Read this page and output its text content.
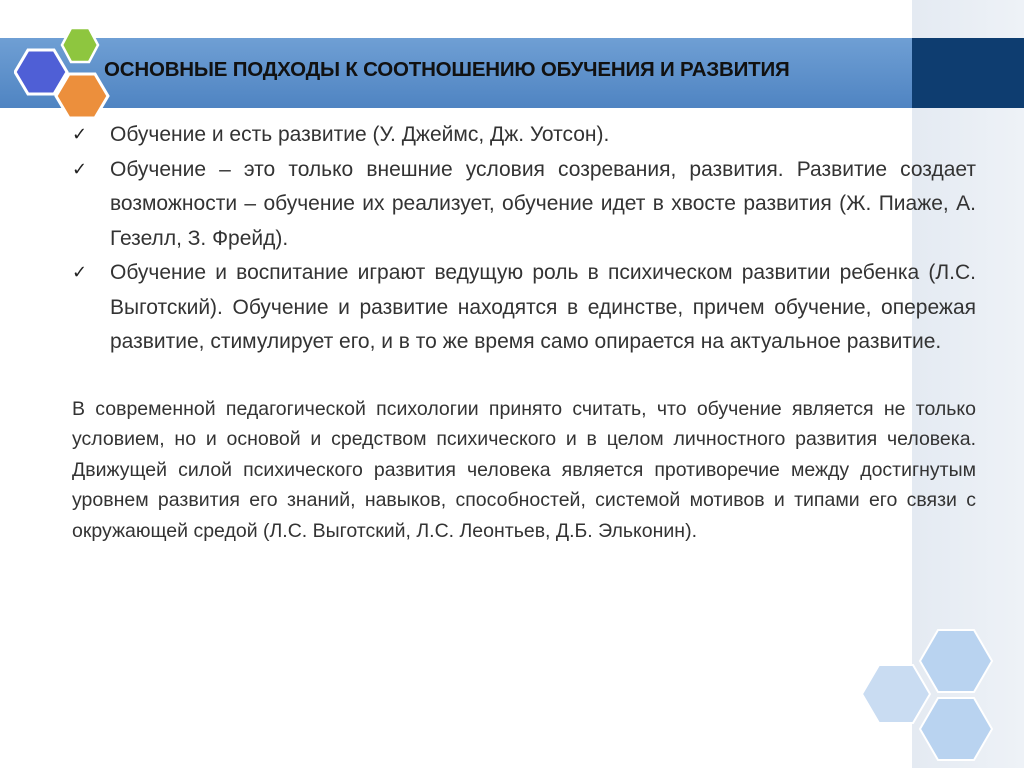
ОСНОВНЫЕ ПОДХОДЫ К СООТНОШЕНИЮ ОБУЧЕНИЯ И РАЗВИТИЯ
✓	Обучение и есть развитие (У. Джеймс, Дж. Уотсон).
✓	Обучение – это только внешние условия созревания, развития. Развитие создает возможности – обучение их реализует, обучение идет в хвосте развития (Ж. Пиаже, А. Гезелл, З. Фрейд).
✓	Обучение и воспитание играют ведущую роль в психическом развитии ребенка (Л.С. Выготский). Обучение и развитие находятся в единстве, причем обучение, опережая развитие, стимулирует его, и в то же время само опирается на актуальное развитие.

В современной педагогической психологии принято считать, что обучение является не только условием, но и основой и средством психического и в целом личностного развития человека. Движущей силой психического развития человека является противоречие между достигнутым уровнем развития его знаний, навыков, способностей, системой мотивов и типами его связи с окружающей средой (Л.С. Выготский, Л.С. Леонтьев, Д.Б. Эльконин).
